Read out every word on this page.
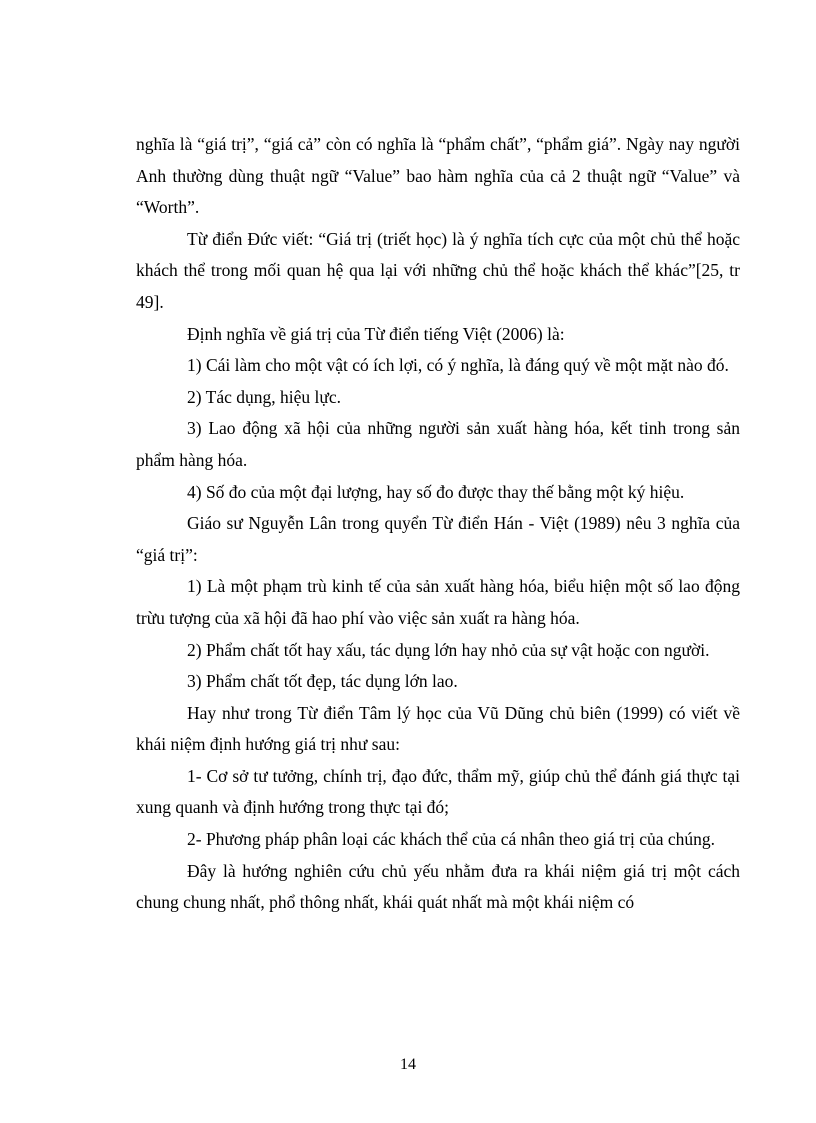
nghĩa là “giá trị”, “giá cả” còn có nghĩa là “phẩm chất”, “phẩm giá”. Ngày nay người Anh thường dùng thuật ngữ “Value” bao hàm nghĩa của cả 2 thuật ngữ “Value” và “Worth”.

Từ điển Đức viết: “Giá trị (triết học) là ý nghĩa tích cực của một chủ thể hoặc khách thể trong mối quan hệ qua lại với những chủ thể hoặc khách thể khác”[25, tr 49].

Định nghĩa về giá trị của Từ điển tiếng Việt (2006) là:

1) Cái làm cho một vật có ích lợi, có ý nghĩa, là đáng quý về một mặt nào đó.

2) Tác dụng, hiệu lực.

3) Lao động xã hội của những người sản xuất hàng hóa, kết tinh trong sản phẩm hàng hóa.

4) Số đo của một đại lượng, hay số đo được thay thế bằng một ký hiệu.

Giáo sư Nguyễn Lân trong quyển Từ điển Hán - Việt (1989) nêu 3 nghĩa của “giá trị”:

1) Là một phạm trù kinh tế của sản xuất hàng hóa, biểu hiện một số lao động trừu tượng của xã hội đã hao phí vào việc sản xuất ra hàng hóa.

2) Phẩm chất tốt hay xấu, tác dụng lớn hay nhỏ của sự vật hoặc con người.

3) Phẩm chất tốt đẹp, tác dụng lớn lao.

Hay như trong Từ điển Tâm lý học của Vũ Dũng chủ biên (1999) có viết về khái niệm định hướng giá trị như sau:

1- Cơ sở tư tưởng, chính trị, đạo đức, thẩm mỹ, giúp chủ thể đánh giá thực tại xung quanh và định hướng trong thực tại đó;

2- Phương pháp phân loại các khách thể của cá nhân theo giá trị của chúng.

Đây là hướng nghiên cứu chủ yếu nhằm đưa ra khái niệm giá trị một cách chung chung nhất, phổ thông nhất, khái quát nhất mà một khái niệm có

14
